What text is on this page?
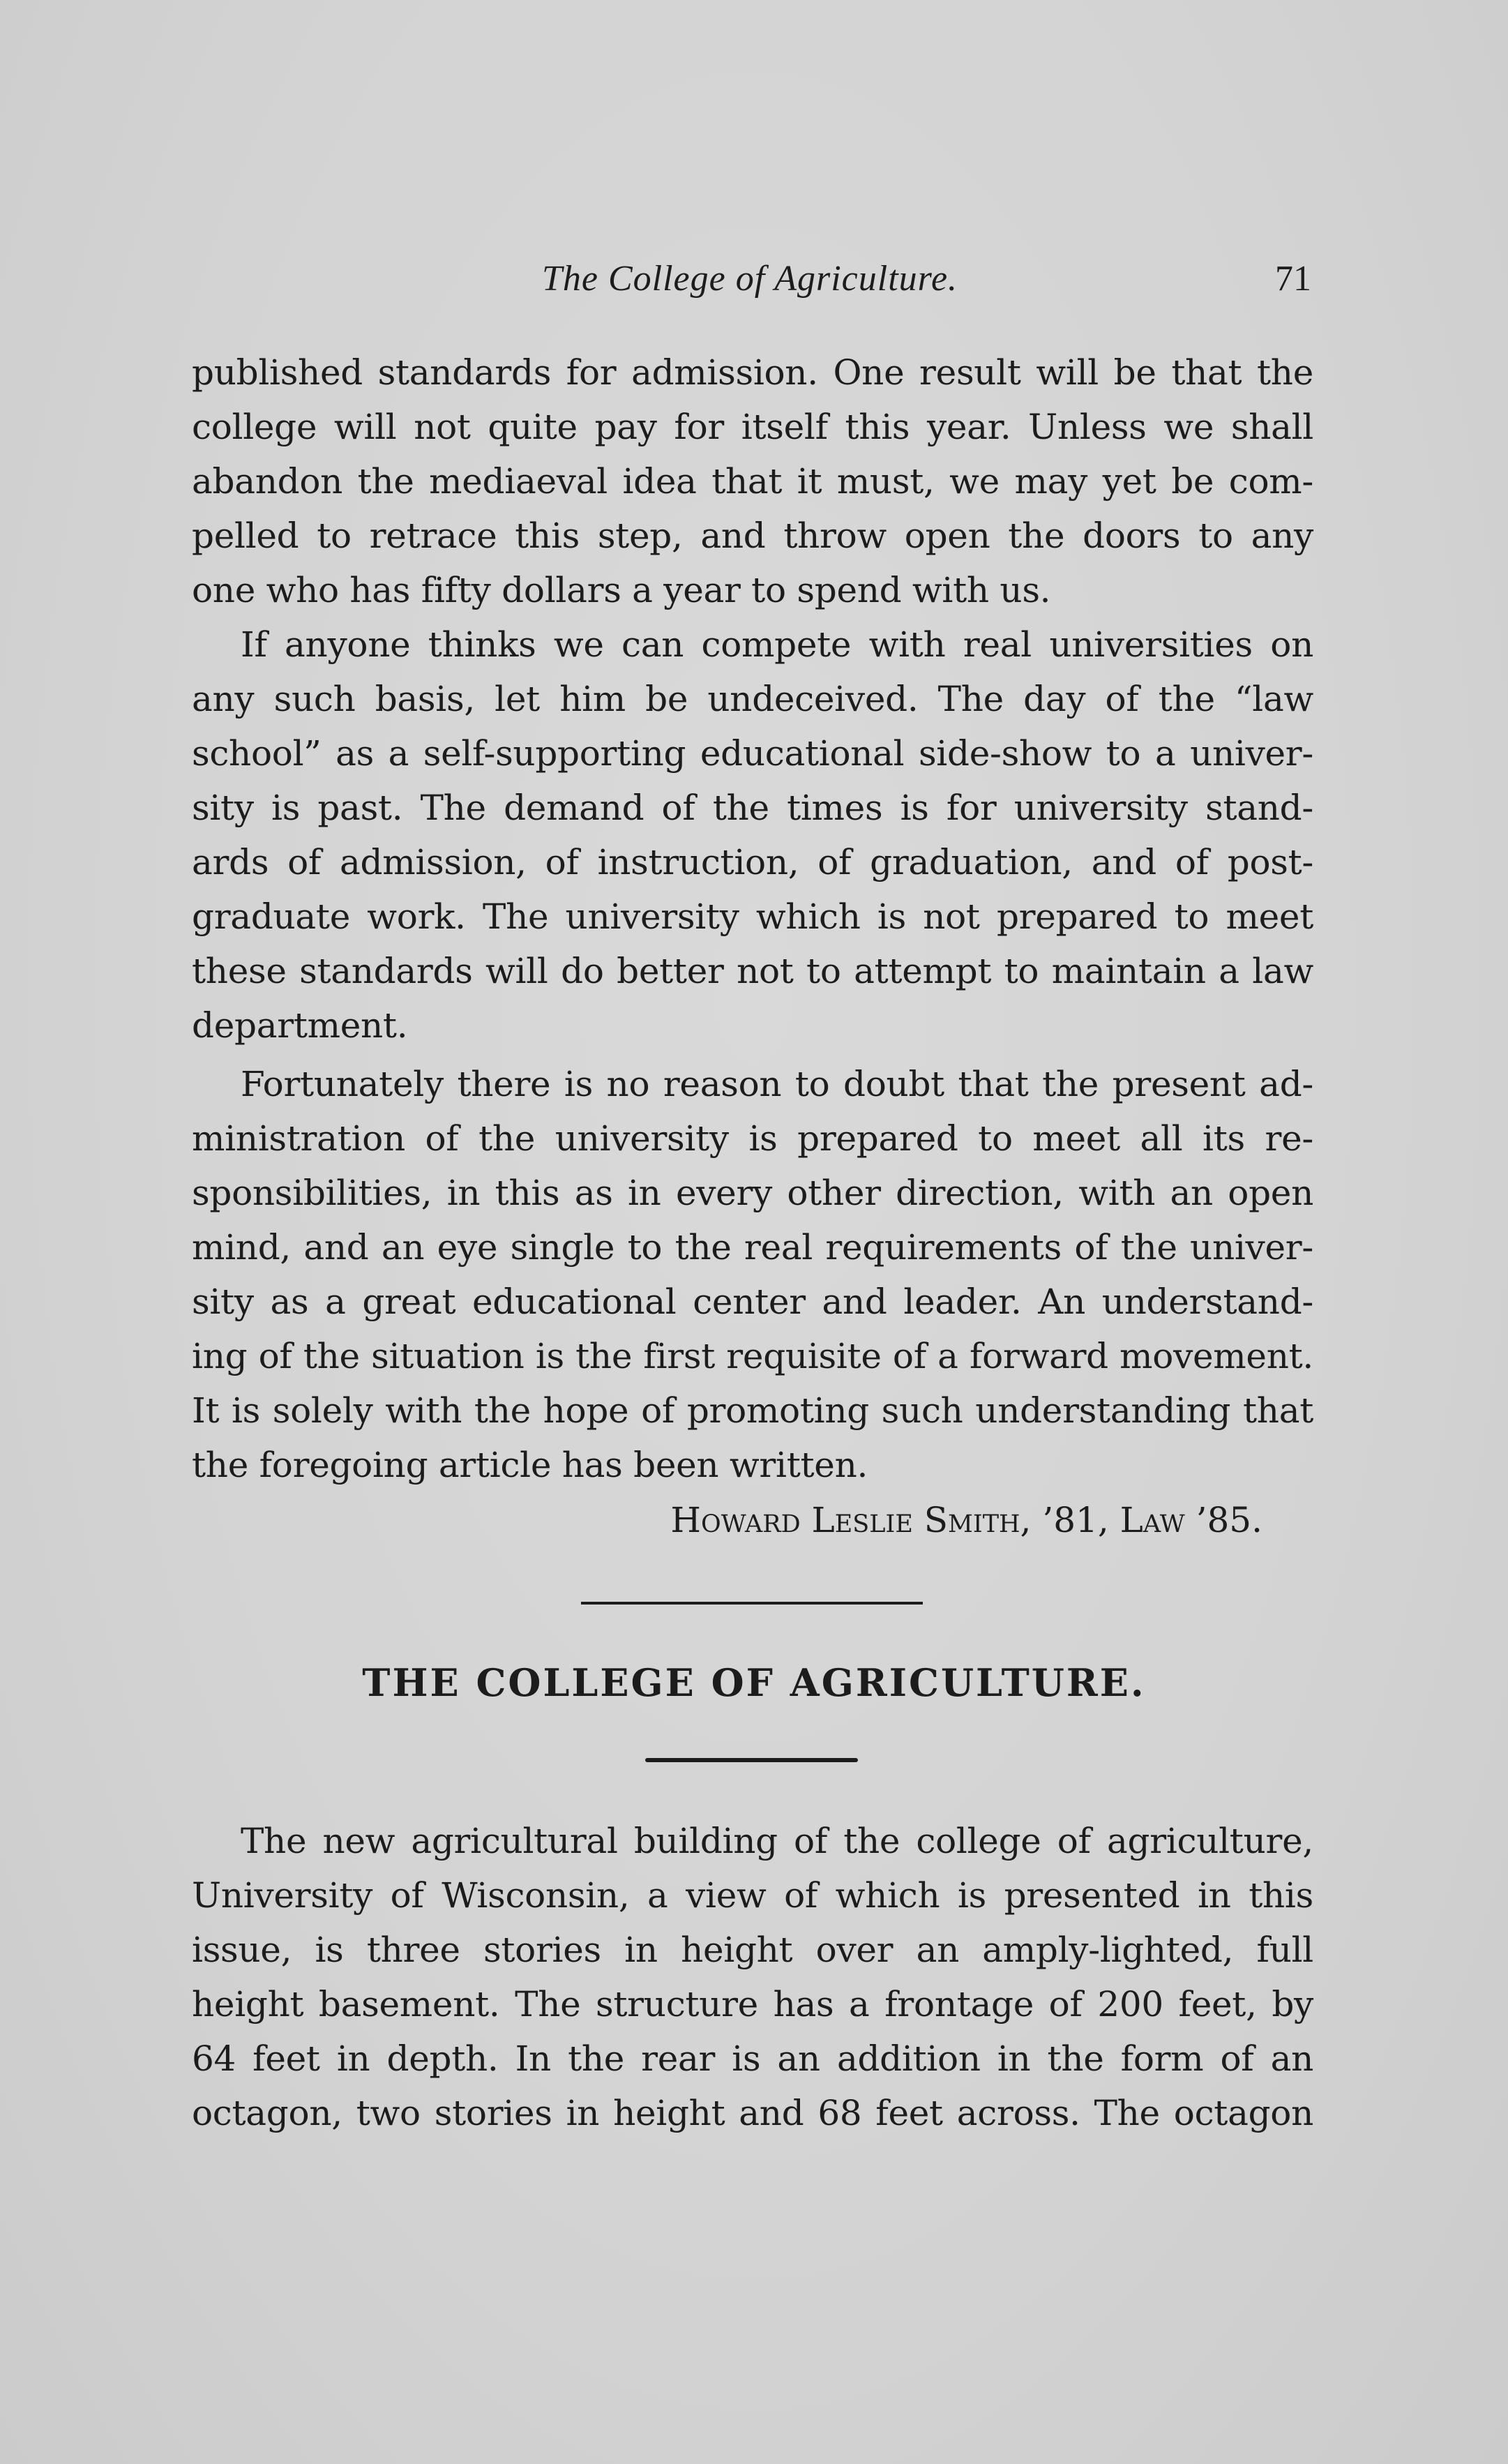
The College of Agriculture.	71
published standards for admission. One result will be that the
college will not quite pay for itself this year. Unless we shall
abandon the mediaeval idea that it must, we may yet be com-
pelled to retrace this step, and throw open the doors to any
one who has fifty dollars a year to spend with us.
If anyone thinks we can compete with real universities on
any such basis, let him be undeceived. The day of the “law
school” as a self-supporting educational side-show to a univer-
sity is past. The demand of the times is for university stand-
ards of admission, of instruction, of graduation, and of post-
graduate work. The university which is not prepared to meet
these standards will do better not to attempt to maintain a law
department.
Fortunately there is no reason to doubt that the present ad-
ministration of the university is prepared to meet all its re-
sponsibilities, in this as in every other direction, with an open
mind, and an eye single to the real requirements of the univer-
sity as a great educational center and leader. An understand-
ing of the situation is the first requisite of a forward movement.
It is solely with the hope of promoting such understanding that
the foregoing article has been written.
Howard Leslie Smith, ’81, Law ’85.
THE COLLEGE OF AGRICULTURE.
The new agricultural building of the college of agriculture,
University of Wisconsin, a view of which is presented in this
issue, is three stories in height over an amply-lighted, full
height basement. The structure has a frontage of 200 feet, by
64 feet in depth. In the rear is an addition in the form of an
octagon, two stories in height and 68 feet across. The octagon
